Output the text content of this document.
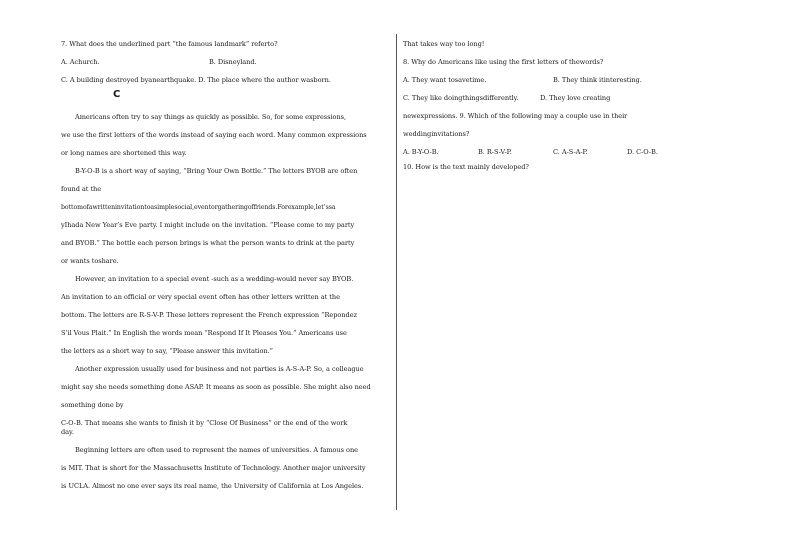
7. What does the underlined part “the famous landmark” referto?
A. Achurch.	B. Disneyland.
C. A building destroyed byanearthquake. D. The place where the author wasborn.
C
Americans often try to say things as quickly as possible. So, for some expressions,
we use the first letters of the words instead of saying each word. Many common expressions
or long names are shortened this way.
B-Y-O-B is a short way of saying, “Bring Your Own Bottle.” The letters BYOB are often
found at the
bottomofawritteninvitationtoasimplesocial,eventorgatheringoffriends.Forexample,let’ssa
yIhada New Year’s Eve party. I might include on the invitation. “Please come to my party
and BYOB.” The bottle each person brings is what the person wants to drink at the party
or wants toshare.
However, an invitation to a special event -such as a wedding-would never say BYOB.
An invitation to an official or very special event often has other letters written at the
bottom. The letters are R-S-V-P. These letters represent the French expression “Repondez
S’il Vous Plait.” In English the words mean “Respond If It Pleases You.” Americans use
the letters as a short way to say, “Please answer this invitation.”
Another expression usually used for business and not parties is A-S-A-P. So, a colleague
might say she needs something done ASAP. It means as soon as possible. She might also need
something done by
C-O-B. That means she wants to finish it by “Close Of Business” or the end of the work
day.
Beginning letters are often used to represent the names of universities. A famous one
is MIT. That is short for the Massachusetts Institute of Technology. Another major university
is UCLA. Almost no one ever says its real name, the University of California at Los Angeles.
That takes way too long!
8. Why do Americans like using the first letters of thewords?
A. They want tosavetime.	B. They think itinteresting.
C. They like doingthingsdifferently.	D. They love creating
newexpressions. 9. Which of the following may a couple use in their
weddinginvitations?
A. B-Y-O-B.	B. R-S-V-P.	C. A-S-A-P.	D. C-O-B.
10. How is the text mainly developed?
